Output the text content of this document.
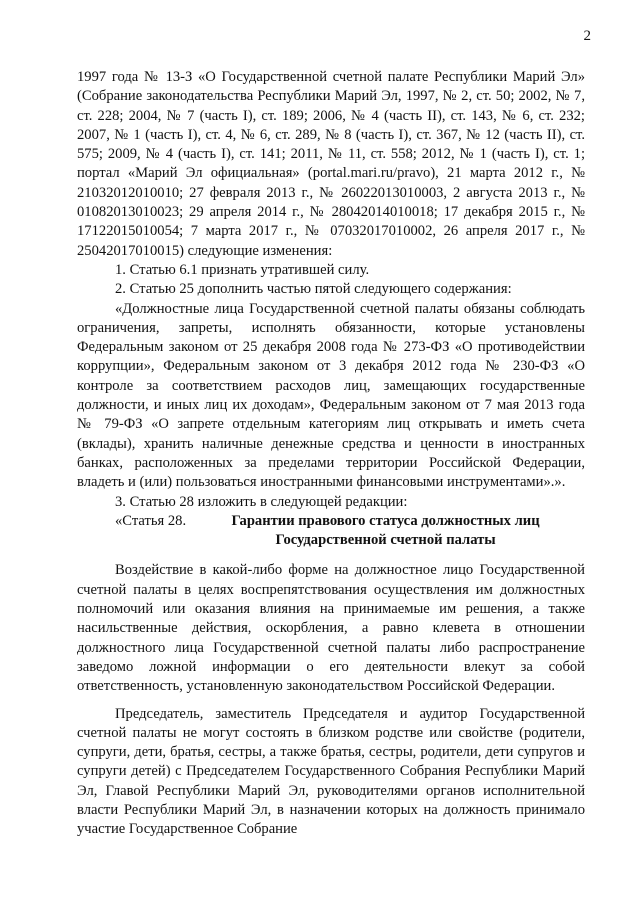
2

1997 года № 13-З «О Государственной счетной палате Республики Марий Эл» (Собрание законодательства Республики Марий Эл, 1997, № 2, ст. 50; 2002, № 7, ст. 228; 2004, № 7 (часть I), ст. 189; 2006, № 4 (часть II), ст. 143, № 6, ст. 232; 2007, № 1 (часть I), ст. 4, № 6, ст. 289, № 8 (часть I), ст. 367, № 12 (часть II), ст. 575; 2009, № 4 (часть I), ст. 141; 2011, № 11, ст. 558; 2012, № 1 (часть I), ст. 1; портал «Марий Эл официальная» (portal.mari.ru/pravo), 21 марта 2012 г., № 21032012010010; 27 февраля 2013 г., № 26022013010003, 2 августа 2013 г., № 01082013010023; 29 апреля 2014 г., № 28042014010018; 17 декабря 2015 г., № 17122015010054; 7 марта 2017 г., № 07032017010002, 26 апреля 2017 г., № 25042017010015) следующие изменения:

1. Статью 6.1 признать утратившей силу.

2. Статью 25 дополнить частью пятой следующего содержания:

«Должностные лица Государственной счетной палаты обязаны соблюдать ограничения, запреты, исполнять обязанности, которые установлены Федеральным законом от 25 декабря 2008 года № 273-ФЗ «О противодействии коррупции», Федеральным законом от 3 декабря 2012 года № 230-ФЗ «О контроле за соответствием расходов лиц, замещающих государственные должности, и иных лиц их доходам», Федеральным законом от 7 мая 2013 года № 79-ФЗ «О запрете отдельным категориям лиц открывать и иметь счета (вклады), хранить наличные денежные средства и ценности в иностранных банках, расположенных за пределами территории Российской Федерации, владеть и (или) пользоваться иностранными финансовыми инструментами».».

3. Статью 28 изложить в следующей редакции:

«Статья 28.	Гарантии правового статуса должностных лиц Государственной счетной палаты

Воздействие в какой-либо форме на должностное лицо Государственной счетной палаты в целях воспрепятствования осуществления им должностных полномочий или оказания влияния на принимаемые им решения, а также насильственные действия, оскорбления, а равно клевета в отношении должностного лица Государственной счетной палаты либо распространение заведомо ложной информации о его деятельности влекут за собой ответственность, установленную законодательством Российской Федерации.

Председатель, заместитель Председателя и аудитор Государственной счетной палаты не могут состоять в близком родстве или свойстве (родители, супруги, дети, братья, сестры, а также братья, сестры, родители, дети супругов и супруги детей) с Председателем Государственного Собрания Республики Марий Эл, Главой Республики Марий Эл, руководителями органов исполнительной власти Республики Марий Эл, в назначении которых на должность принимало участие Государственное Собрание
